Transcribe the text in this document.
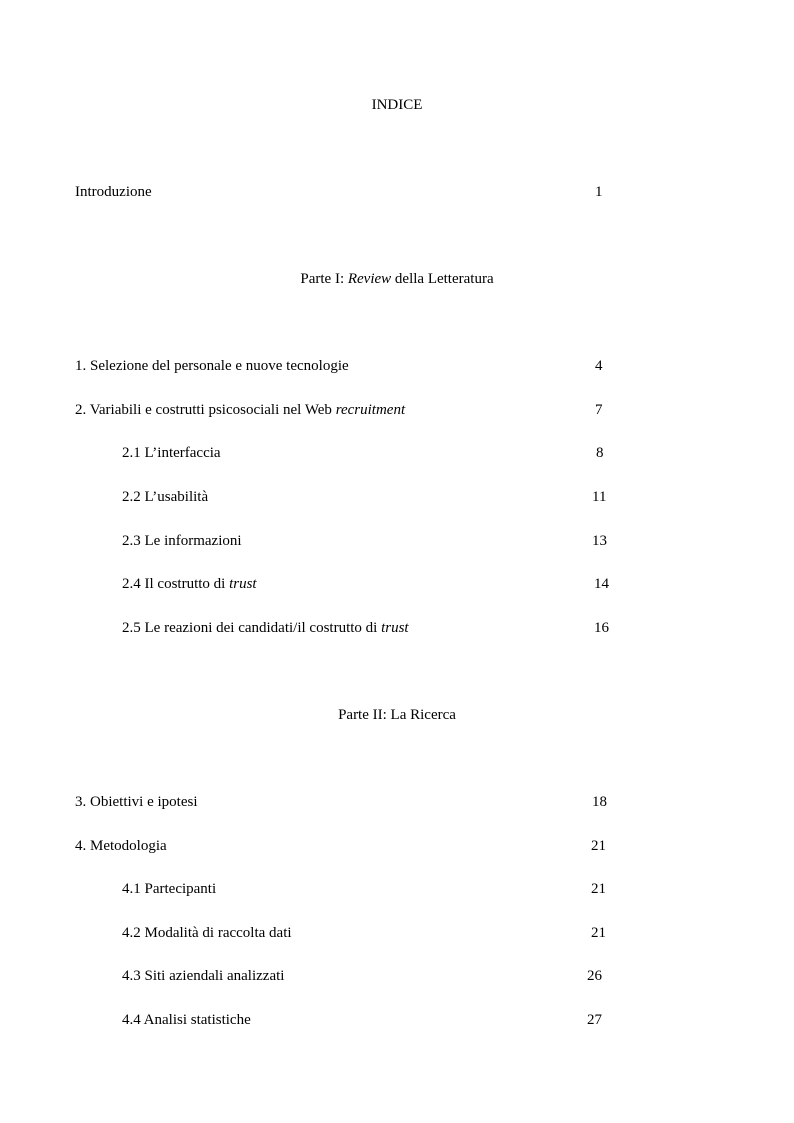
INDICE
Introduzione	1
Parte I: Review della Letteratura
1. Selezione del personale e nuove tecnologie	4
2. Variabili e costrutti psicosociali nel Web recruitment	7
2.1 L’interfaccia	8
2.2 L’usabilità	11
2.3 Le informazioni	13
2.4 Il costrutto di trust	14
2.5 Le reazioni dei candidati/il costrutto di trust	16
Parte II: La Ricerca
3. Obiettivi e ipotesi	18
4. Metodologia	21
4.1 Partecipanti	21
4.2 Modalità di raccolta dati	21
4.3 Siti aziendali analizzati	26
4.4 Analisi statistiche	27
